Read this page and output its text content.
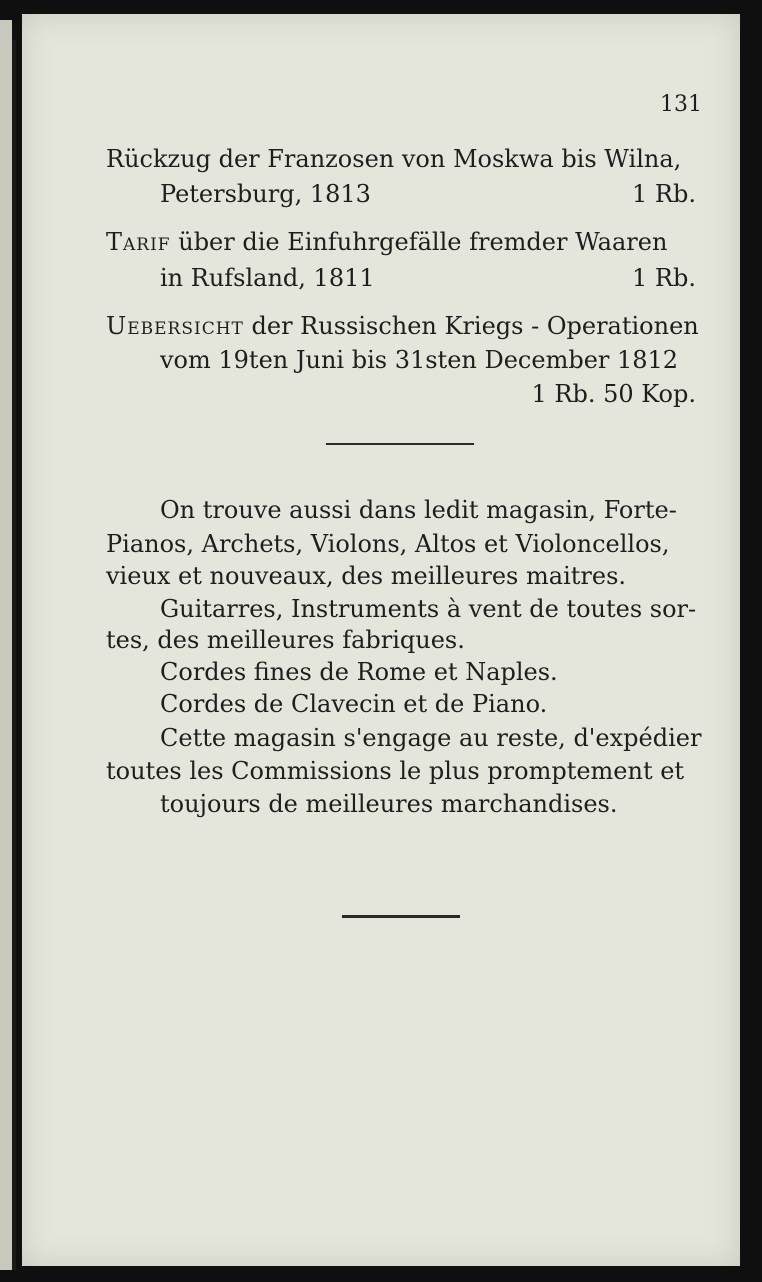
131
Rückzug der Franzosen von Moskwa bis Wilna,
Petersburg, 1813	1 Rb.
Tarif über die Einfuhrgefälle fremder Waaren
in Rufsland, 1811	1 Rb.
Uebersicht der Russischen Kriegs - Operationen
vom 19ten Juni bis 31sten December 1812
1 Rb. 50 Kop.
On trouve aussi dans ledit magasin, Forte-
Pianos, Archets, Violons, Altos et Violoncellos,
vieux et nouveaux, des meilleures maitres.
Guitarres, Instruments à vent de toutes sor-
tes, des meilleures fabriques.
Cordes fines de Rome et Naples.
Cordes de Clavecin et de Piano.
Cette magasin s'engage au reste, d'expédier
toutes les Commissions le plus promptement et
toujours de meilleures marchandises.
